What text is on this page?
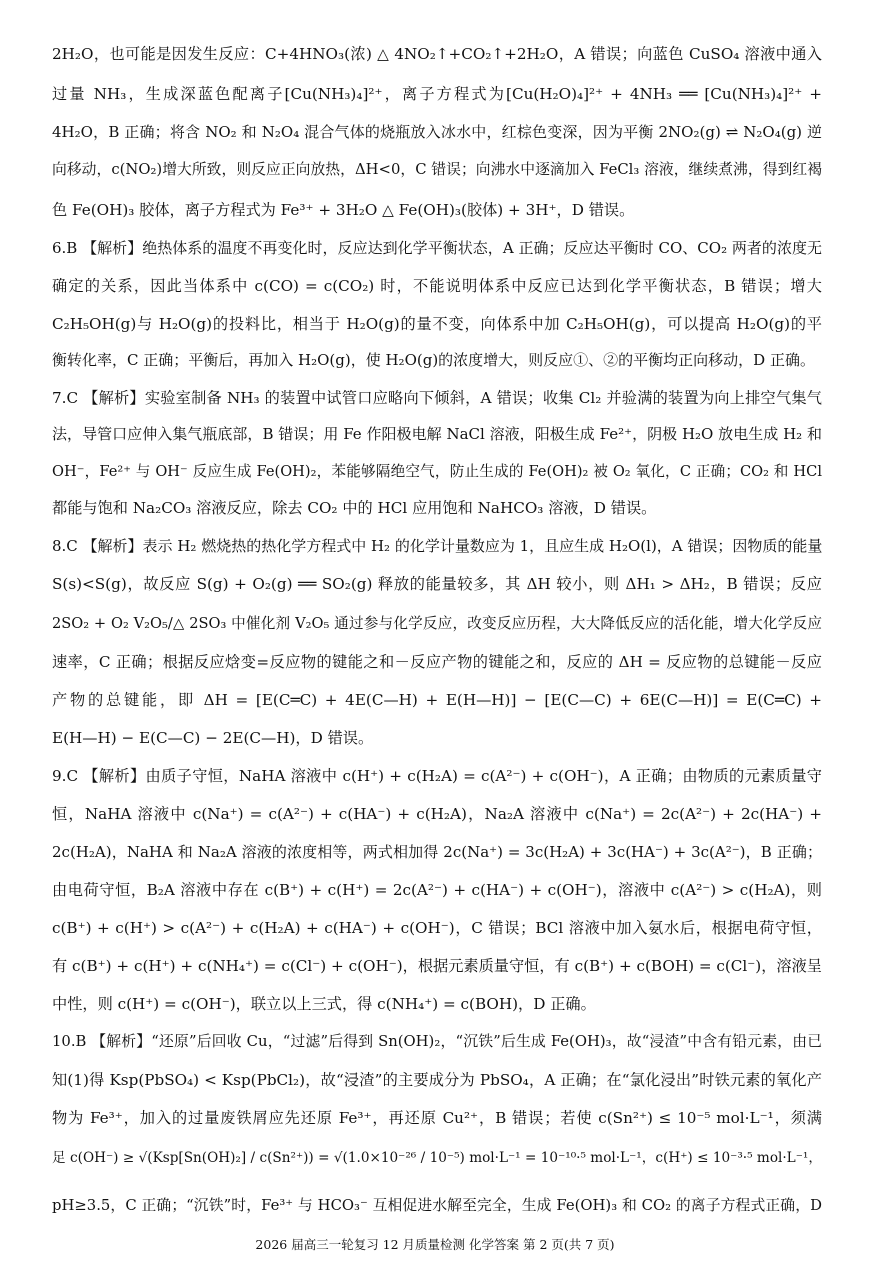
2H₂O，也可能是因发生反应：C+4HNO₃(浓) △ 4NO₂↑+CO₂↑+2H₂O，A 错误；向蓝色 CuSO₄ 溶液中通入
过量 NH₃，生成深蓝色配离子[Cu(NH₃)₄]²⁺，离子方程式为[Cu(H₂O)₄]²⁺ + 4NH₃ ══ [Cu(NH₃)₄]²⁺ +
4H₂O，B 正确；将含 NO₂ 和 N₂O₄ 混合气体的烧瓶放入冰水中，红棕色变深，因为平衡 2NO₂(g) ⇌ N₂O₄(g) 逆
向移动，c(NO₂)增大所致，则反应正向放热，ΔH<0，C 错误；向沸水中逐滴加入 FeCl₃ 溶液，继续煮沸，得到红褐
色 Fe(OH)₃ 胶体，离子方程式为 Fe³⁺ + 3H₂O △ Fe(OH)₃(胶体) + 3H⁺，D 错误。
6.B 【解析】绝热体系的温度不再变化时，反应达到化学平衡状态，A 正确；反应达平衡时 CO、CO₂ 两者的浓度无
确定的关系，因此当体系中 c(CO) = c(CO₂) 时，不能说明体系中反应已达到化学平衡状态，B 错误；增大
C₂H₅OH(g)与 H₂O(g)的投料比，相当于 H₂O(g)的量不变，向体系中加 C₂H₅OH(g)，可以提高 H₂O(g)的平
衡转化率，C 正确；平衡后，再加入 H₂O(g)，使 H₂O(g)的浓度增大，则反应①、②的平衡均正向移动，D 正确。
7.C 【解析】实验室制备 NH₃ 的装置中试管口应略向下倾斜，A 错误；收集 Cl₂ 并验满的装置为向上排空气集气
法，导管口应伸入集气瓶底部，B 错误；用 Fe 作阳极电解 NaCl 溶液，阳极生成 Fe²⁺，阴极 H₂O 放电生成 H₂ 和
OH⁻，Fe²⁺ 与 OH⁻ 反应生成 Fe(OH)₂，苯能够隔绝空气，防止生成的 Fe(OH)₂ 被 O₂ 氧化，C 正确；CO₂ 和 HCl
都能与饱和 Na₂CO₃ 溶液反应，除去 CO₂ 中的 HCl 应用饱和 NaHCO₃ 溶液，D 错误。
8.C 【解析】表示 H₂ 燃烧热的热化学方程式中 H₂ 的化学计量数应为 1，且应生成 H₂O(l)，A 错误；因物质的能量
S(s)<S(g)，故反应 S(g) + O₂(g) ══ SO₂(g) 释放的能量较多，其 ΔH 较小，则 ΔH₁ > ΔH₂，B 错误；反应
2SO₂ + O₂ V₂O₅/△ 2SO₃ 中催化剂 V₂O₅ 通过参与化学反应，改变反应历程，大大降低反应的活化能，增大化学反应
速率，C 正确；根据反应焓变=反应物的键能之和－反应产物的键能之和，反应的 ΔH = 反应物的总键能－反应
产物的总键能，即 ΔH = [E(C═C) + 4E(C—H) + E(H—H)] − [E(C—C) + 6E(C—H)] = E(C═C) +
E(H—H) − E(C—C) − 2E(C—H)，D 错误。
9.C 【解析】由质子守恒，NaHA 溶液中 c(H⁺) + c(H₂A) = c(A²⁻) + c(OH⁻)，A 正确；由物质的元素质量守
恒，NaHA 溶液中 c(Na⁺) = c(A²⁻) + c(HA⁻) + c(H₂A)，Na₂A 溶液中 c(Na⁺) = 2c(A²⁻) + 2c(HA⁻) +
2c(H₂A)，NaHA 和 Na₂A 溶液的浓度相等，两式相加得 2c(Na⁺) = 3c(H₂A) + 3c(HA⁻) + 3c(A²⁻)，B 正确；
由电荷守恒，B₂A 溶液中存在 c(B⁺) + c(H⁺) = 2c(A²⁻) + c(HA⁻) + c(OH⁻)，溶液中 c(A²⁻) > c(H₂A)，则
c(B⁺) + c(H⁺) > c(A²⁻) + c(H₂A) + c(HA⁻) + c(OH⁻)，C 错误；BCl 溶液中加入氨水后，根据电荷守恒，
有 c(B⁺) + c(H⁺) + c(NH₄⁺) = c(Cl⁻) + c(OH⁻)，根据元素质量守恒，有 c(B⁺) + c(BOH) = c(Cl⁻)，溶液呈
中性，则 c(H⁺) = c(OH⁻)，联立以上三式，得 c(NH₄⁺) = c(BOH)，D 正确。
10.B 【解析】“还原”后回收 Cu，“过滤”后得到 Sn(OH)₂，“沉铁”后生成 Fe(OH)₃，故“浸渣”中含有铅元素，由已
知(1)得 Ksp(PbSO₄) < Ksp(PbCl₂)，故“浸渣”的主要成分为 PbSO₄，A 正确；在“氯化浸出”时铁元素的氧化产
物为 Fe³⁺，加入的过量废铁屑应先还原 Fe³⁺，再还原 Cu²⁺，B 错误；若使 c(Sn²⁺) ≤ 10⁻⁵ mol·L⁻¹，须满
足 c(OH⁻) ≥ √(Ksp[Sn(OH)₂] / c(Sn²⁺)) = √(1.0×10⁻²⁶ / 10⁻⁵) mol·L⁻¹ = 10⁻¹⁰·⁵ mol·L⁻¹，c(H⁺) ≤ 10⁻³·⁵ mol·L⁻¹，
pH≥3.5，C 正确；“沉铁”时，Fe³⁺ 与 HCO₃⁻ 互相促进水解至完全，生成 Fe(OH)₃ 和 CO₂ 的离子方程式正确，D
2026 届高三一轮复习 12 月质量检测 化学答案 第 2 页(共 7 页)
